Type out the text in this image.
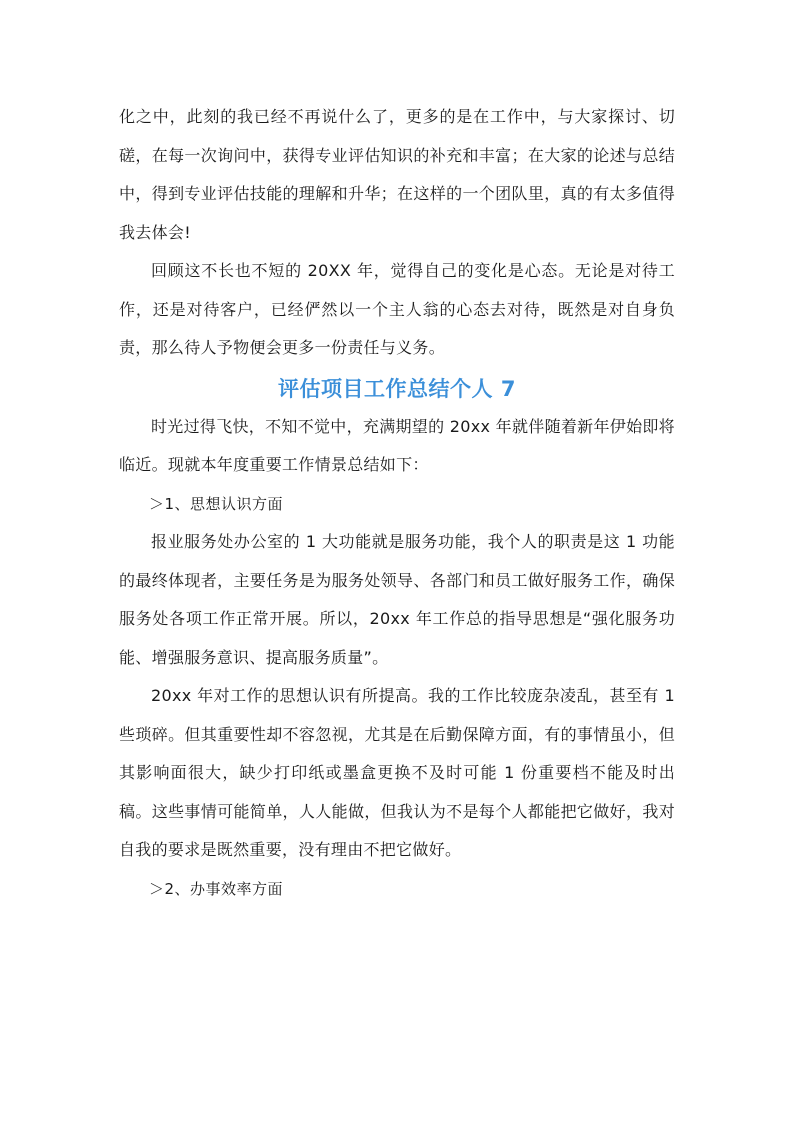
化之中，此刻的我已经不再说什么了，更多的是在工作中，与大家探讨、切磋，在每一次询问中，获得专业评估知识的补充和丰富；在大家的论述与总结中，得到专业评估技能的理解和升华；在这样的一个团队里，真的有太多值得我去体会!

回顾这不长也不短的 20XX 年，觉得自己的变化是心态。无论是对待工作，还是对待客户，已经俨然以一个主人翁的心态去对待，既然是对自身负责，那么待人予物便会更多一份责任与义务。

评估项目工作总结个人 7

时光过得飞快，不知不觉中，充满期望的 20xx 年就伴随着新年伊始即将临近。现就本年度重要工作情景总结如下：

＞1、思想认识方面

报业服务处办公室的 1 大功能就是服务功能，我个人的职责是这 1 功能的最终体现者，主要任务是为服务处领导、各部门和员工做好服务工作，确保服务处各项工作正常开展。所以，20xx 年工作总的指导思想是“强化服务功能、增强服务意识、提高服务质量”。

20xx 年对工作的思想认识有所提高。我的工作比较庞杂凌乱，甚至有 1 些琐碎。但其重要性却不容忽视，尤其是在后勤保障方面，有的事情虽小，但其影响面很大，缺少打印纸或墨盒更换不及时可能 1 份重要档不能及时出稿。这些事情可能简单，人人能做，但我认为不是每个人都能把它做好，我对自我的要求是既然重要，没有理由不把它做好。

＞2、办事效率方面
